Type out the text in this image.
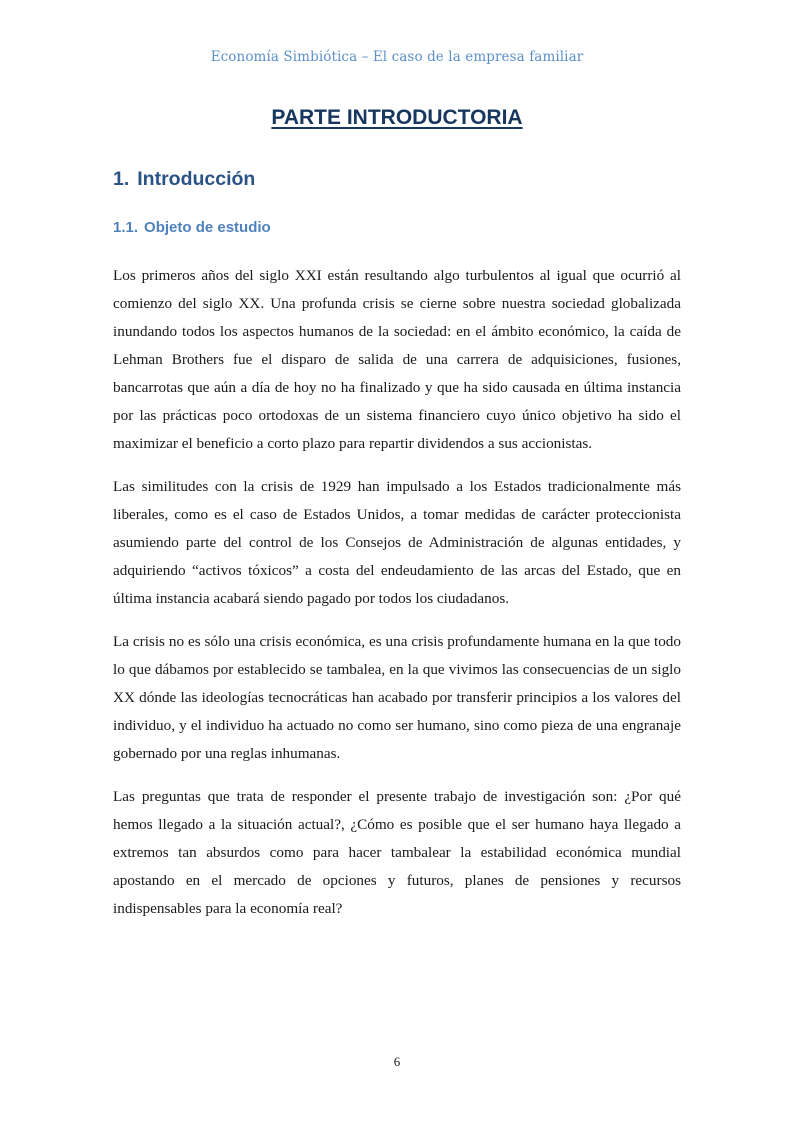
Economía Simbiótica – El caso de la empresa familiar
PARTE INTRODUCTORIA
1. Introducción
1.1. Objeto de estudio

Los primeros años del siglo XXI están resultando algo turbulentos al igual que ocurrió al comienzo del siglo XX. Una profunda crisis se cierne sobre nuestra sociedad globalizada inundando todos los aspectos humanos de la sociedad: en el ámbito económico, la caída de Lehman Brothers fue el disparo de salida de una carrera de adquisiciones, fusiones, bancarrotas que aún a día de hoy no ha finalizado y que ha sido causada en última instancia por las prácticas poco ortodoxas de un sistema financiero cuyo único objetivo ha sido el maximizar el beneficio a corto plazo para repartir dividendos a sus accionistas.

Las similitudes con la crisis de 1929 han impulsado a los Estados tradicionalmente más liberales, como es el caso de Estados Unidos, a tomar medidas de carácter proteccionista asumiendo parte del control de los Consejos de Administración de algunas entidades, y adquiriendo “activos tóxicos” a costa del endeudamiento de las arcas del Estado, que en última instancia acabará siendo pagado por todos los ciudadanos.

La crisis no es sólo una crisis económica, es una crisis profundamente humana en la que todo lo que dábamos por establecido se tambalea, en la que vivimos las consecuencias de un siglo XX dónde las ideologías tecnocráticas han acabado por transferir principios a los valores del individuo, y el individuo ha actuado no como ser humano, sino como pieza de una engranaje gobernado por una reglas inhumanas.

Las preguntas que trata de responder el presente trabajo de investigación son: ¿Por qué hemos llegado a la situación actual?, ¿Cómo es posible que el ser humano haya llegado a extremos tan absurdos como para hacer tambalear la estabilidad económica mundial apostando en el mercado de opciones y futuros, planes de pensiones y recursos indispensables para la economía real?

6
